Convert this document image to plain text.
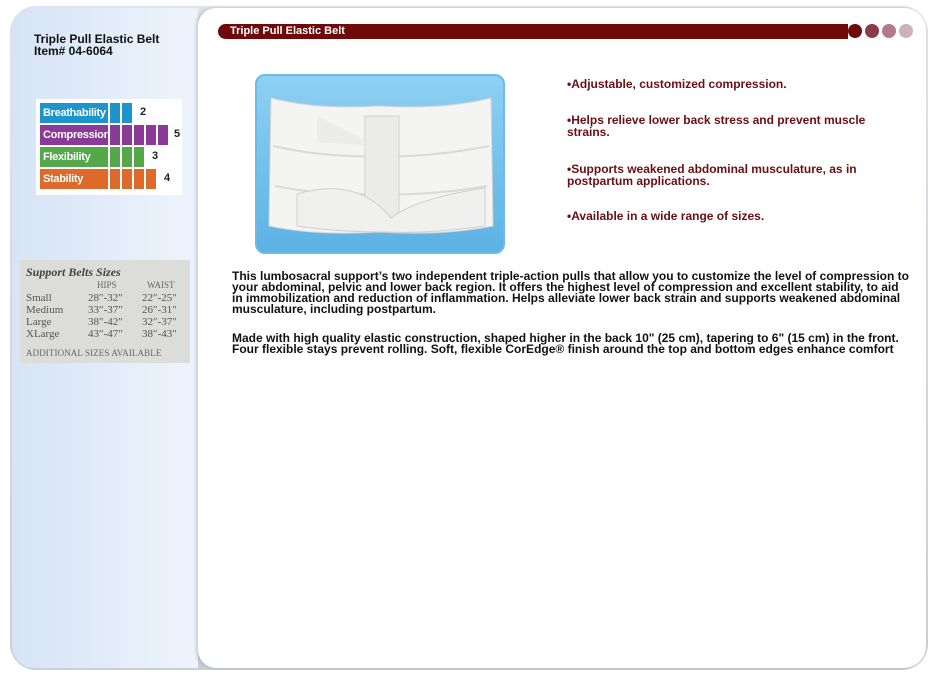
Triple Pull Elastic Belt
Item# 04-6064
Breathability	2
Compression	5
Flexibility	3
Stability	4
Support Belts Sizes
HIPS	WAIST
Small	28″-32″ 22″-25″
Medium 33″-37″ 26″-31″
Large	38″-42″ 32″-37″
XLarge	43″-47″ 38″-43″
ADDITIONAL SIZES AVAILABLE
Triple Pull Elastic Belt
•Adjustable, customized compression.
•Helps relieve lower back stress and prevent muscle strains.
•Supports weakened abdominal musculature, as in postpartum applications.
•Available in a wide range of sizes.
This lumbosacral support’s two independent triple-action pulls that allow you to customize the level of compression to your abdominal, pelvic and lower back region. It offers the highest level of compression and excellent stability, to aid in immobilization and reduction of inflammation. Helps alleviate lower back strain and supports weakened abdominal musculature, including postpartum.
Made with high quality elastic construction, shaped higher in the back 10" (25 cm), tapering to 6" (15 cm) in the front. Four flexible stays prevent rolling. Soft, flexible CorEdge® finish around the top and bottom edges enhance comfort
